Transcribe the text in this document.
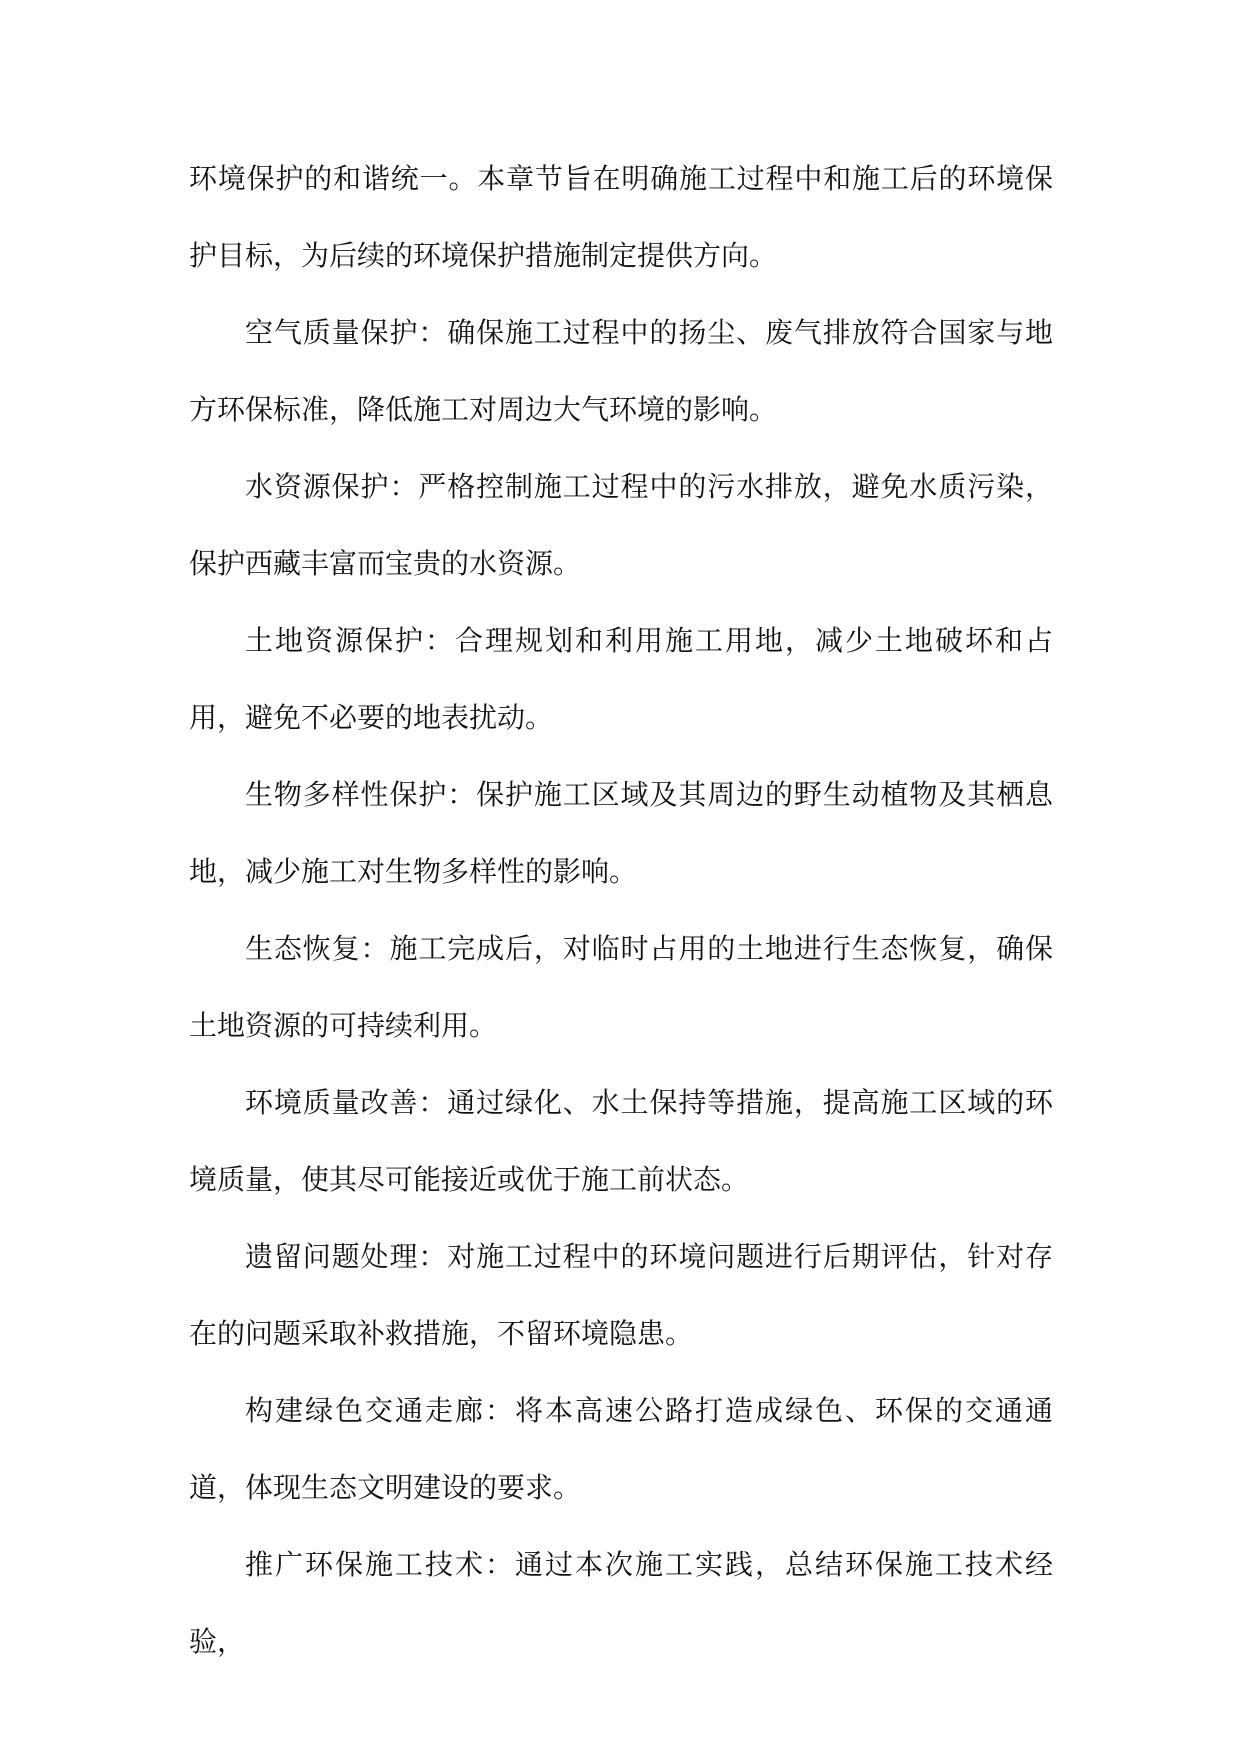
环境保护的和谐统一。本章节旨在明确施工过程中和施工后的环境保护目标，为后续的环境保护措施制定提供方向。

空气质量保护：确保施工过程中的扬尘、废气排放符合国家与地方环保标准，降低施工对周边大气环境的影响。

水资源保护：严格控制施工过程中的污水排放，避免水质污染，保护西藏丰富而宝贵的水资源。

土地资源保护：合理规划和利用施工用地，减少土地破坏和占用，避免不必要的地表扰动。

生物多样性保护：保护施工区域及其周边的野生动植物及其栖息地，减少施工对生物多样性的影响。

生态恢复：施工完成后，对临时占用的土地进行生态恢复，确保土地资源的可持续利用。

环境质量改善：通过绿化、水土保持等措施，提高施工区域的环境质量，使其尽可能接近或优于施工前状态。

遗留问题处理：对施工过程中的环境问题进行后期评估，针对存在的问题采取补救措施，不留环境隐患。

构建绿色交通走廊：将本高速公路打造成绿色、环保的交通通道，体现生态文明建设的要求。

推广环保施工技术：通过本次施工实践，总结环保施工技术经验，
